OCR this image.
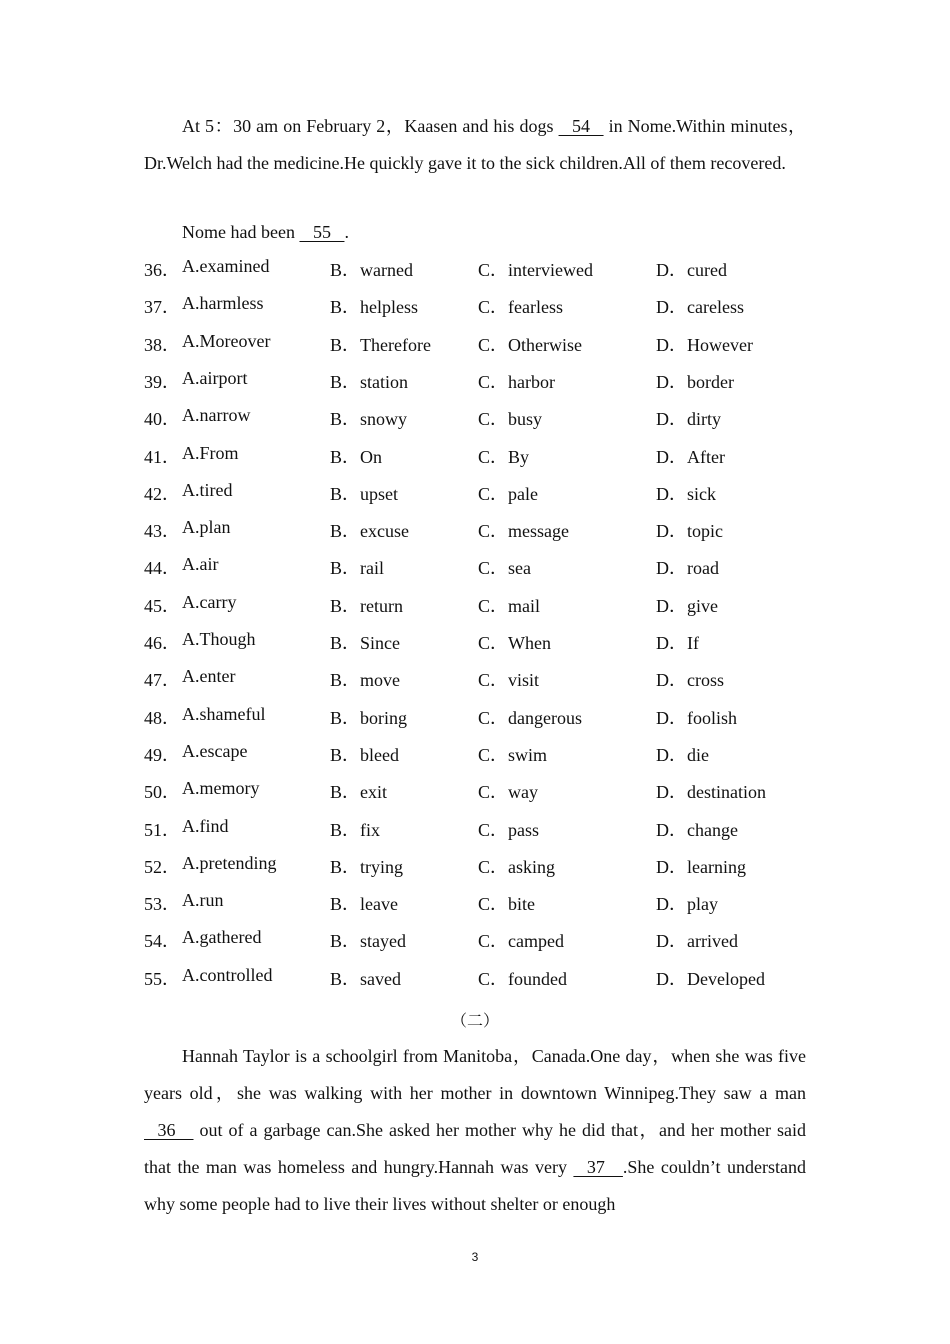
At 5：30 am on February 2，Kaasen and his dogs    54    in Nome.Within minutes，Dr.Welch had the medicine.He quickly gave it to the sick children.All of them recovered.

Nome had been    55   .

36． A.examined	B．warned	C．interviewed	D．cured
37． A.harmless	B．helpless	C．fearless	D．careless
38． A.Moreover	B．Therefore	C．Otherwise	D．However
39． A.airport	B．station	C．harbor	D．border
40． A.narrow	B．snowy	C．busy	D．dirty
41． A.From	B．On	C．By	D．After
42． A.tired	B．upset	C．pale	D．sick
43． A.plan	B．excuse	C．message	D．topic
44． A.air	B．rail	C．sea	D．road
45． A.carry	B．return	C．mail	D．give
46． A.Though	B．Since	C．When	D．If
47． A.enter	B．move	C．visit	D．cross
48． A.shameful	B．boring	C．dangerous	D．foolish
49． A.escape	B．bleed	C．swim	D．die
50． A.memory	B．exit	C．way	D．destination
51． A.find	B．fix	C．pass	D．change
52． A.pretending	B．trying	C．asking	D．learning
53． A.run	B．leave	C．bite	D．play
54． A.gathered	B．stayed	C．camped	D．arrived
55． A.controlled	B．saved	C．founded	D．Developed
（二）

Hannah Taylor is a schoolgirl from Manitoba，Canada.One day，when she was five years old，she was walking with her mother in downtown Winnipeg.They saw a man    36     out of a garbage can.She asked her mother why he did that，and her mother said that the man was homeless and hungry.Hannah was very    37    .She couldn’t understand why some people had to live their lives without shelter or enough

3
